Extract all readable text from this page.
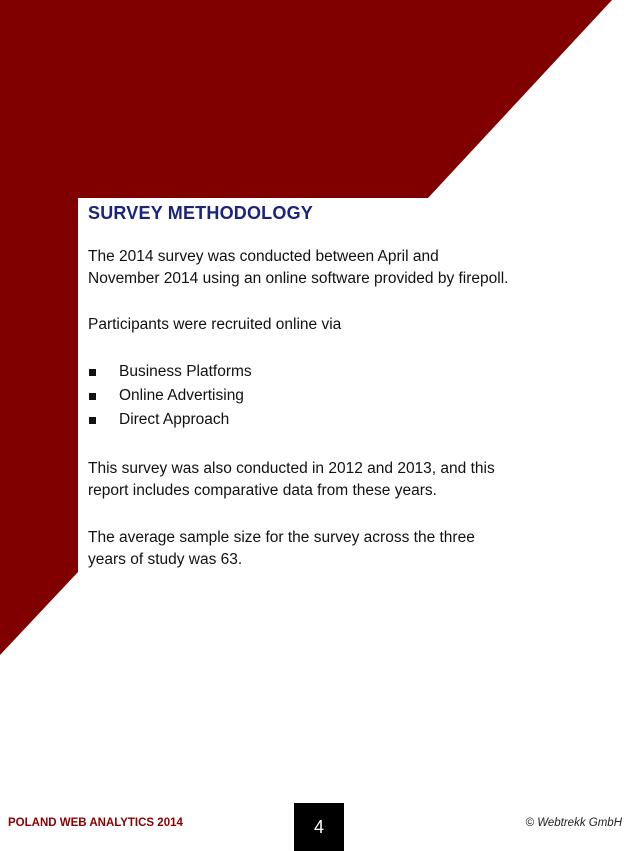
SURVEY METHODOLOGY

The 2014 survey was conducted between April and
November 2014 using an online software provided by firepoll.

Participants were recruited online via

Business Platforms
Online Advertising
Direct Approach

This survey was also conducted in 2012 and 2013, and this
report includes comparative data from these years.

The average sample size for the survey across the three
years of study was 63.

POLAND WEB ANALYTICS 2014	4	© Webtrekk GmbH
